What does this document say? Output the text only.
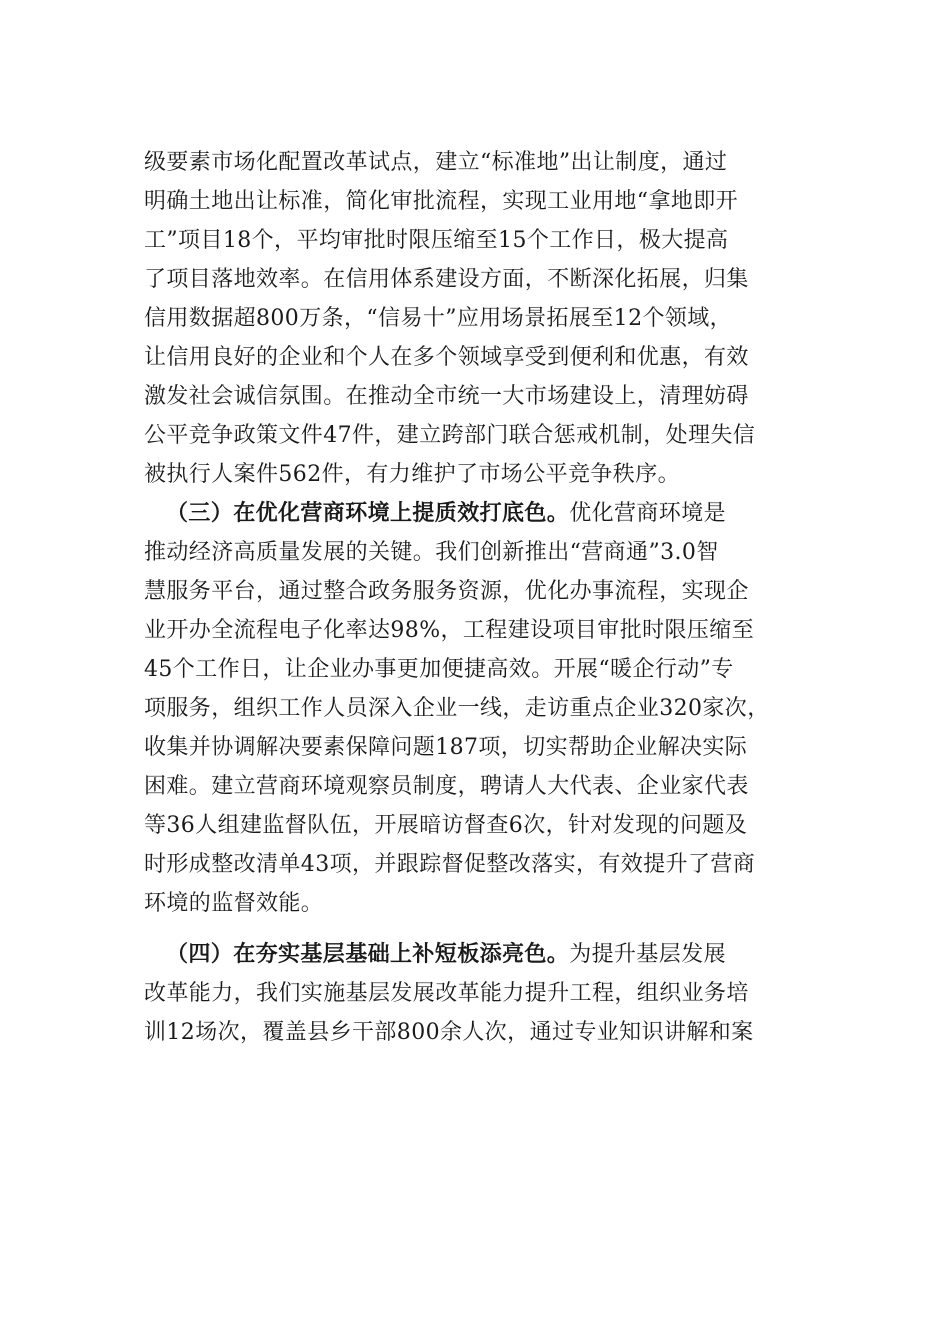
级要素市场化配置改革试点，建立“标准地”出让制度，通过
明确土地出让标准，简化审批流程，实现工业用地“拿地即开
工”项目18个，平均审批时限压缩至15个工作日，极大提高
了项目落地效率。在信用体系建设方面，不断深化拓展，归集
信用数据超800万条，“信易十”应用场景拓展至12个领域，
让信用良好的企业和个人在多个领域享受到便利和优惠，有效
激发社会诚信氛围。在推动全市统一大市场建设上，清理妨碍
公平竞争政策文件47件，建立跨部门联合惩戒机制，处理失信
被执行人案件562件，有力维护了市场公平竞争秩序。
（三）在优化营商环境上提质效打底色。优化营商环境是
推动经济高质量发展的关键。我们创新推出“营商通”3.0智
慧服务平台，通过整合政务服务资源，优化办事流程，实现企
业开办全流程电子化率达98%，工程建设项目审批时限压缩至
45个工作日，让企业办事更加便捷高效。开展“暖企行动”专
项服务，组织工作人员深入企业一线，走访重点企业320家次，
收集并协调解决要素保障问题187项，切实帮助企业解决实际
困难。建立营商环境观察员制度，聘请人大代表、企业家代表
等36人组建监督队伍，开展暗访督查6次，针对发现的问题及
时形成整改清单43项，并跟踪督促整改落实，有效提升了营商
环境的监督效能。
（四）在夯实基层基础上补短板添亮色。为提升基层发展
改革能力，我们实施基层发展改革能力提升工程，组织业务培
训12场次，覆盖县乡干部800余人次，通过专业知识讲解和案
